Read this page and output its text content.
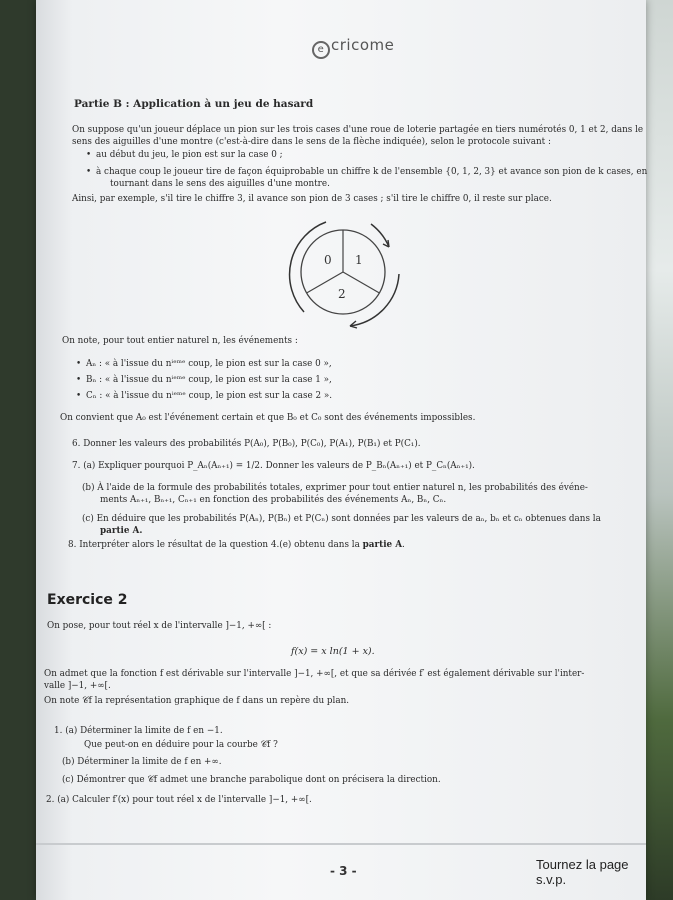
e cricome
Partie B : Application à un jeu de hasard
On suppose qu'un joueur déplace un pion sur les trois cases d'une roue de loterie partagée en tiers numérotés 0, 1 et 2, dans le
sens des aiguilles d'une montre (c'est-à-dire dans le sens de la flèche indiquée), selon le protocole suivant :
• au début du jeu, le pion est sur la case 0 ;
• à chaque coup le joueur tire de façon équiprobable un chiffre k de l'ensemble {0, 1, 2, 3} et avance son pion de k cases, en
tournant dans le sens des aiguilles d'une montre.
Ainsi, par exemple, s'il tire le chiffre 3, il avance son pion de 3 cases ; s'il tire le chiffre 0, il reste sur place.
0 1
2
On note, pour tout entier naturel n, les événements :
• Aₙ : « à l'issue du nⁱᵉᵐᵉ coup, le pion est sur la case 0 »,
• Bₙ : « à l'issue du nⁱᵉᵐᵉ coup, le pion est sur la case 1 »,
• Cₙ : « à l'issue du nⁱᵉᵐᵉ coup, le pion est sur la case 2 ».
On convient que A₀ est l'événement certain et que B₀ et C₀ sont des événements impossibles.
6. Donner les valeurs des probabilités P(A₀), P(B₀), P(C₀), P(A₁), P(B₁) et P(C₁).
7. (a) Expliquer pourquoi P_Aₙ(Aₙ₊₁) = 1/2. Donner les valeurs de P_Bₙ(Aₙ₊₁) et P_Cₙ(Aₙ₊₁).
(b) À l'aide de la formule des probabilités totales, exprimer pour tout entier naturel n, les probabilités des événe-
ments Aₙ₊₁, Bₙ₊₁, Cₙ₊₁ en fonction des probabilités des événements Aₙ, Bₙ, Cₙ.
(c) En déduire que les probabilités P(Aₙ), P(Bₙ) et P(Cₙ) sont données par les valeurs de aₙ, bₙ et cₙ obtenues dans la
partie A.
8. Interpréter alors le résultat de la question 4.(e) obtenu dans la partie A.
Exercice 2
On pose, pour tout réel x de l'intervalle ]−1, +∞[ :
f(x) = x ln(1 + x).
On admet que la fonction f est dérivable sur l'intervalle ]−1, +∞[, et que sa dérivée f′ est également dérivable sur l'inter-
valle ]−1, +∞[.
On note 𝒞f la représentation graphique de f dans un repère du plan.
1. (a) Déterminer la limite de f en −1.
Que peut-on en déduire pour la courbe 𝒞f ?
(b) Déterminer la limite de f en +∞.
(c) Démontrer que 𝒞f admet une branche parabolique dont on précisera la direction.
2. (a) Calculer f′(x) pour tout réel x de l'intervalle ]−1, +∞[.
- 3 -	Tournez la page s.v.p.
